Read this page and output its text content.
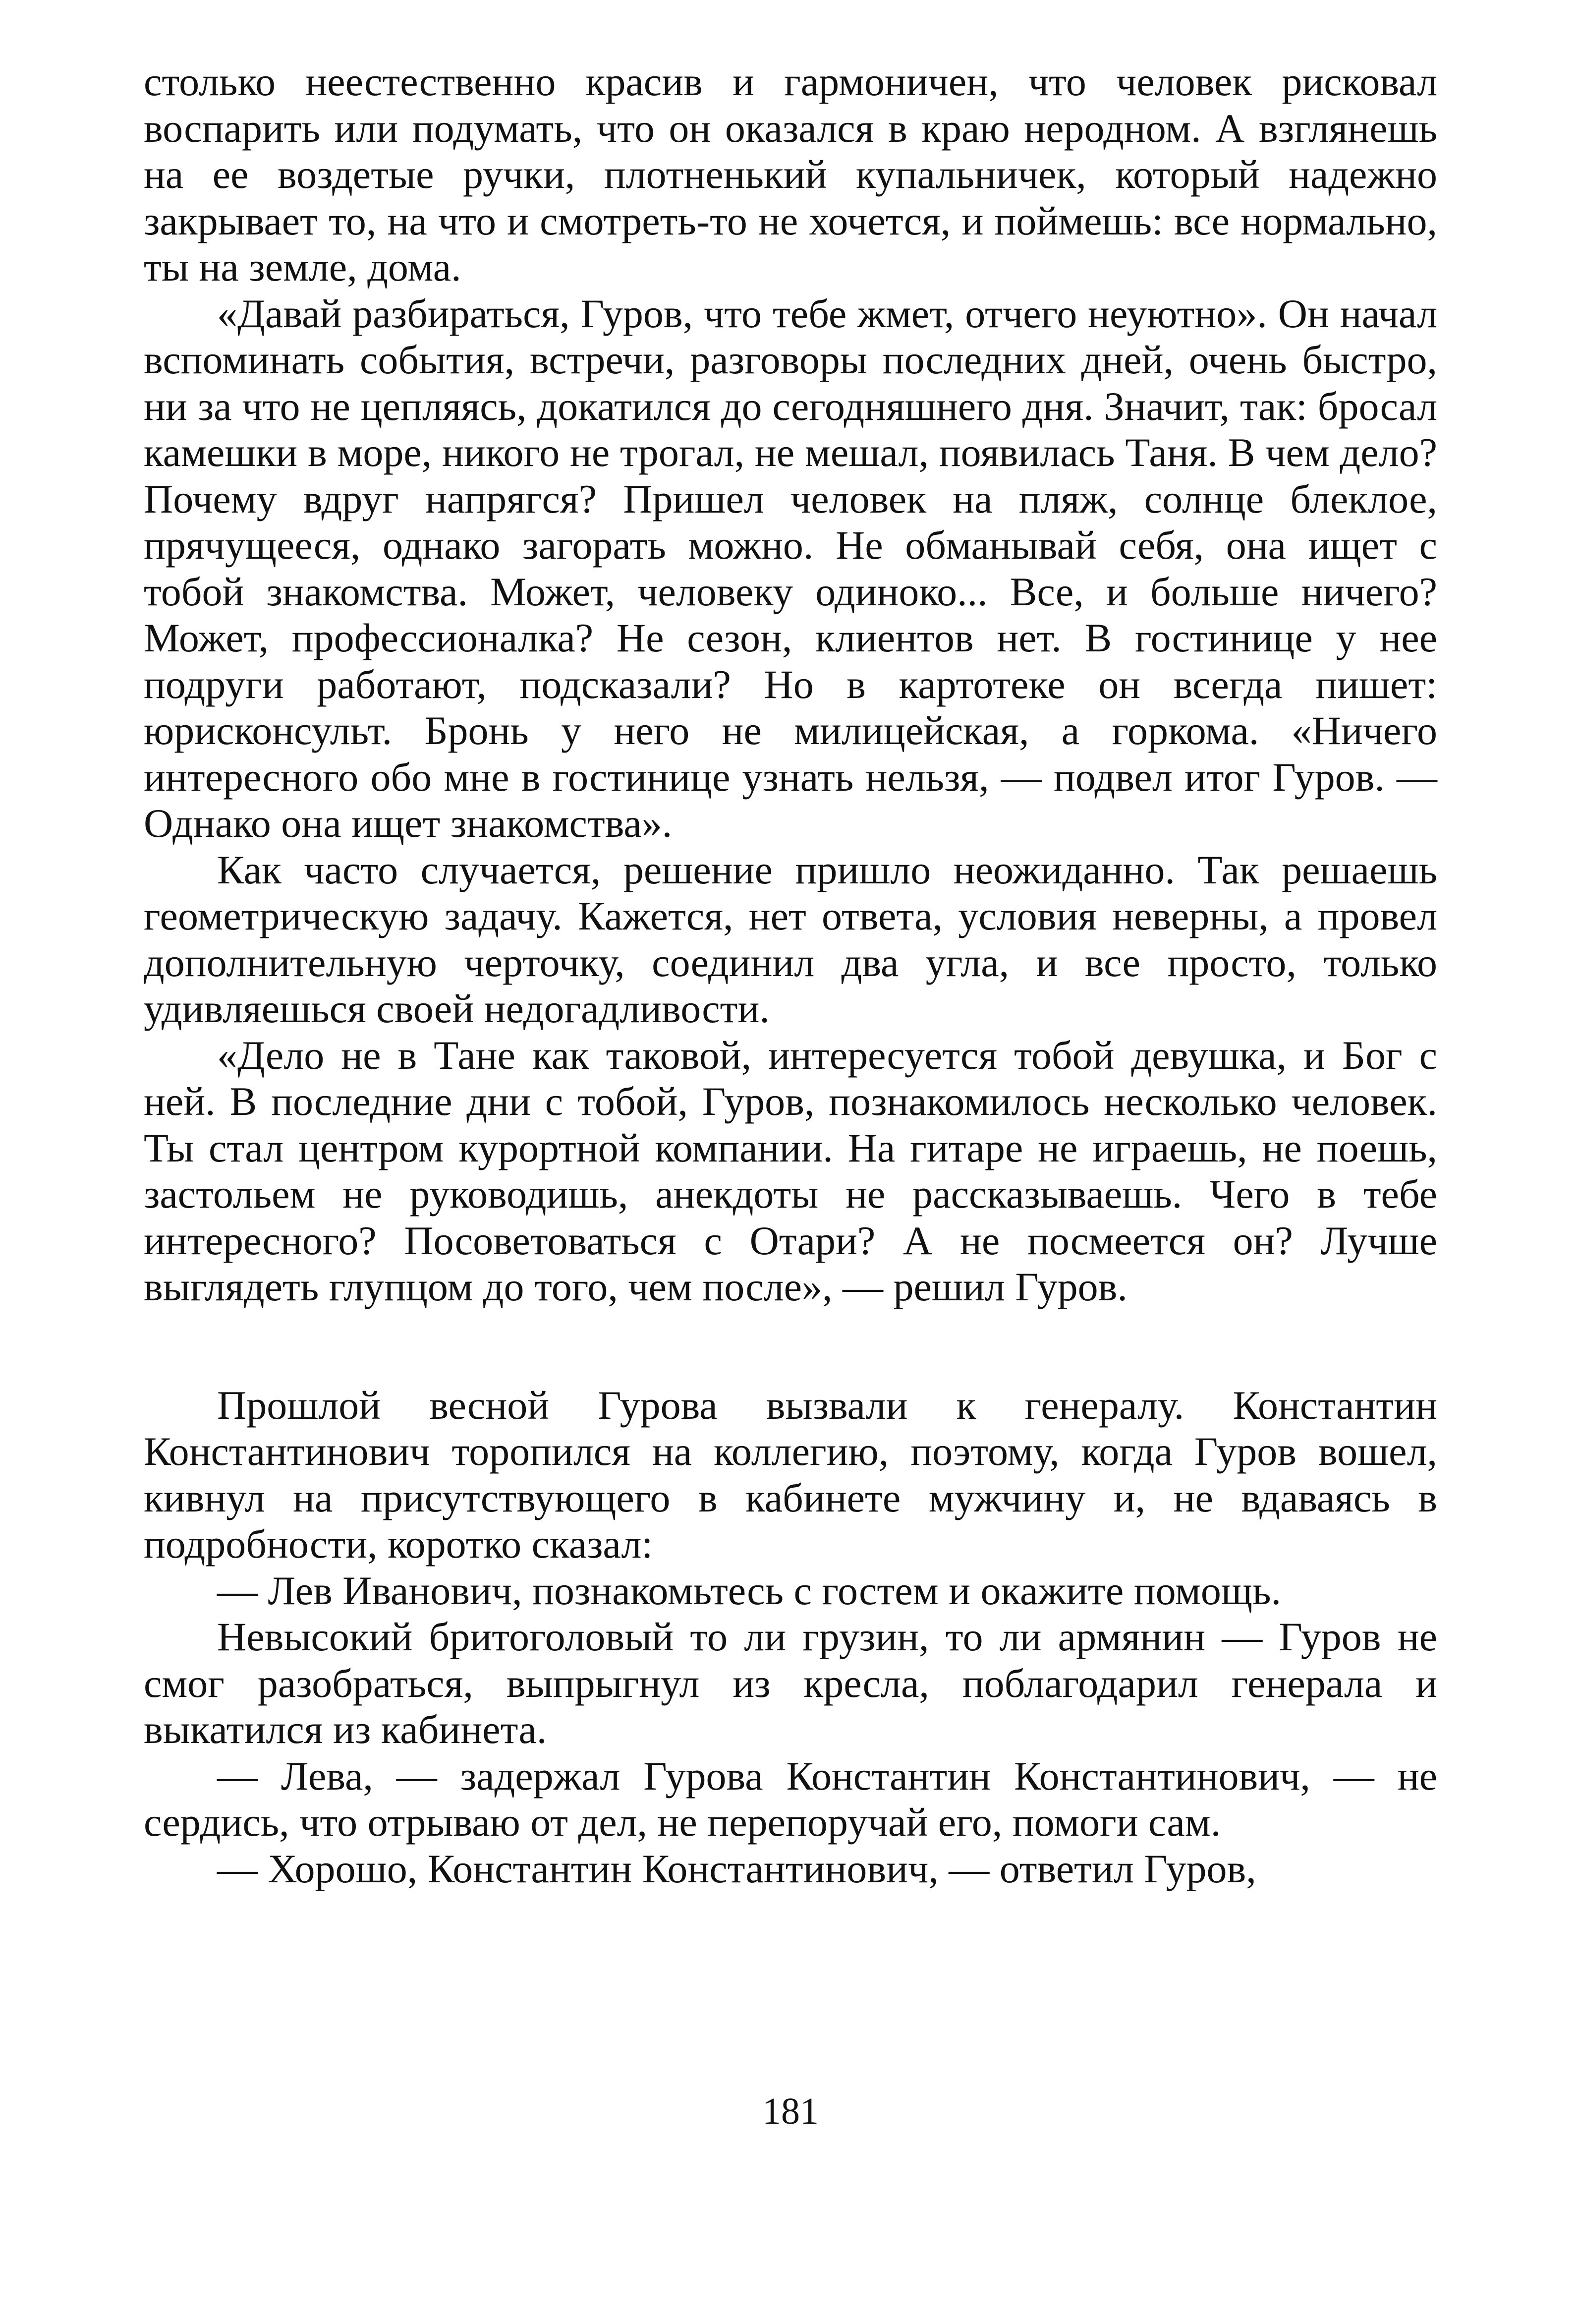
столько неестественно красив и гармоничен, что человек рисковал воспарить или подумать, что он оказался в краю неродном. А взглянешь на ее воздетые ручки, плотненький купальничек, который надежно закрывает то, на что и смотреть-то не хочется, и поймешь: все нормально, ты на земле, дома.

«Давай разбираться, Гуров, что тебе жмет, отчего неуютно». Он начал вспоминать события, встречи, разговоры последних дней, очень быстро, ни за что не цепляясь, докатился до сегодняшнего дня. Значит, так: бросал камешки в море, никого не трогал, не мешал, появилась Таня. В чем дело? Почему вдруг напрягся? Пришел человек на пляж, солнце блеклое, прячущееся, однако загорать можно. Не обманывай себя, она ищет с тобой знакомства. Может, человеку одиноко... Все, и больше ничего? Может, профессионалка? Не сезон, клиентов нет. В гостинице у нее подруги работают, подсказали? Но в картотеке он всегда пишет: юрисконсульт. Бронь у него не милицейская, а горкома. «Ничего интересного обо мне в гостинице узнать нельзя, — подвел итог Гуров. — Однако она ищет знакомства».

Как часто случается, решение пришло неожиданно. Так решаешь геометрическую задачу. Кажется, нет ответа, условия неверны, а провел дополнительную черточку, соединил два угла, и все просто, только удивляешься своей недогадливости.

«Дело не в Тане как таковой, интересуется тобой девушка, и Бог с ней. В последние дни с тобой, Гуров, познакомилось несколько человек. Ты стал центром курортной компании. На гитаре не играешь, не поешь, застольем не руководишь, анекдоты не рассказываешь. Чего в тебе интересного? Посоветоваться с Отари? А не посмеется он? Лучше выглядеть глупцом до того, чем после», — решил Гуров.

Прошлой весной Гурова вызвали к генералу. Константин Константинович торопился на коллегию, поэтому, когда Гуров вошел, кивнул на присутствующего в кабинете мужчину и, не вдаваясь в подробности, коротко сказал:

— Лев Иванович, познакомьтесь с гостем и окажите помощь.

Невысокий бритоголовый то ли грузин, то ли армянин — Гуров не смог разобраться, выпрыгнул из кресла, поблагодарил генерала и выкатился из кабинета.

— Лева, — задержал Гурова Константин Константинович, — не сердись, что отрываю от дел, не перепоручай его, помоги сам.

— Хорошо, Константин Константинович, — ответил Гуров,

181
